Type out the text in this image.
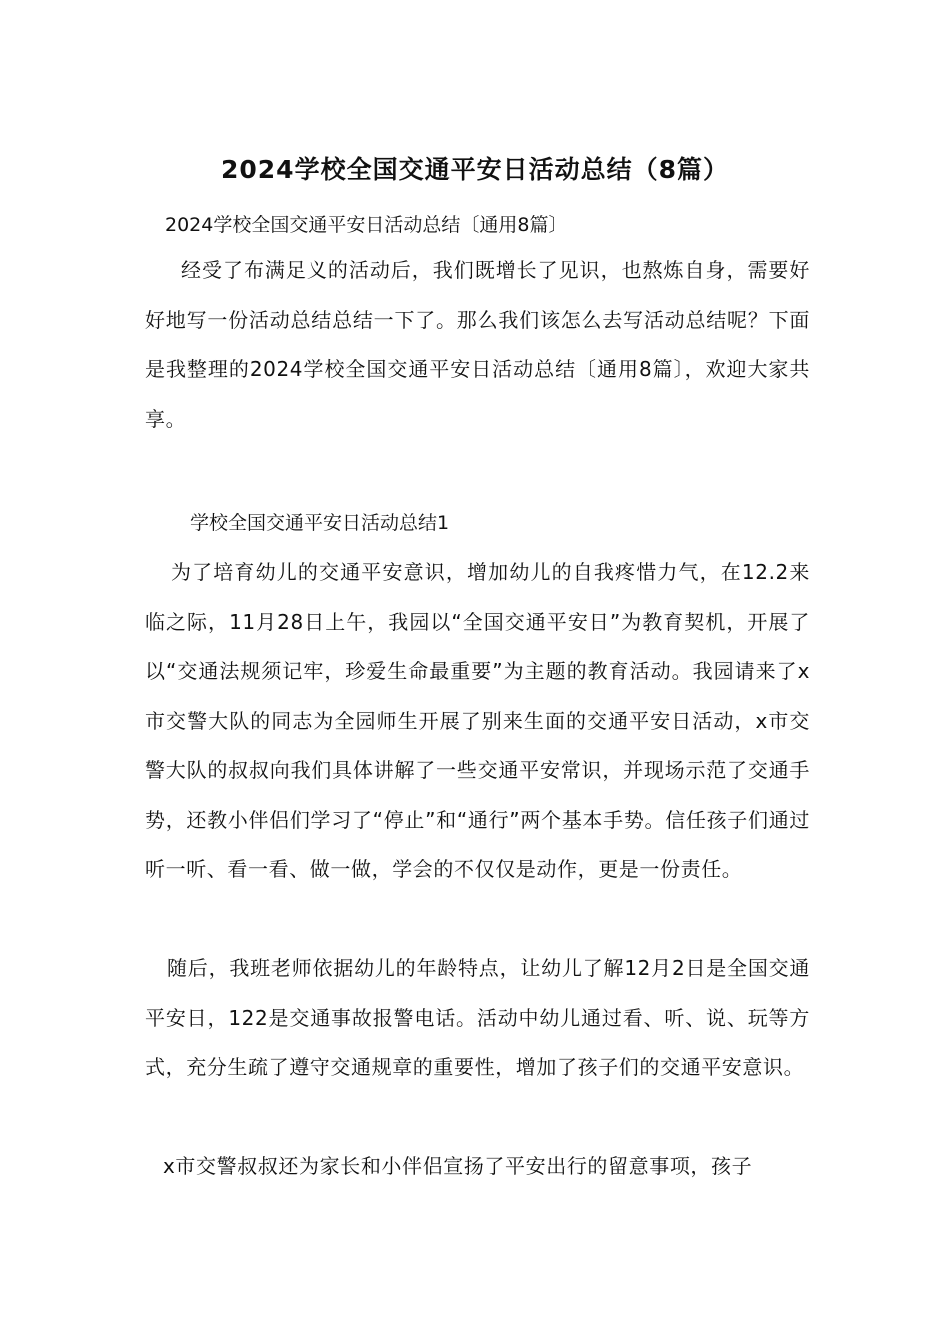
2024学校全国交通平安日活动总结（8篇）
2024学校全国交通平安日活动总结〔通用8篇〕

经受了布满足义的活动后，我们既增长了见识，也熬炼自身，需要好好地写一份活动总结总结一下了。那么我们该怎么去写活动总结呢？下面是我整理的2024学校全国交通平安日活动总结〔通用8篇〕，欢迎大家共享。

学校全国交通平安日活动总结1

为了培育幼儿的交通平安意识，增加幼儿的自我疼惜力气，在12.2来临之际，11月28日上午，我园以“全国交通平安日”为教育契机，开展了以“交通法规须记牢，珍爱生命最重要”为主题的教育活动。我园请来了x市交警大队的同志为全园师生开展了别来生面的交通平安日活动，x市交警大队的叔叔向我们具体讲解了一些交通平安常识，并现场示范了交通手势，还教小伴侣们学习了“停止”和“通行”两个基本手势。信任孩子们通过听一听、看一看、做一做，学会的不仅仅是动作，更是一份责任。

随后，我班老师依据幼儿的年龄特点，让幼儿了解12月2日是全国交通平安日，122是交通事故报警电话。活动中幼儿通过看、听、说、玩等方式，充分生疏了遵守交通规章的重要性，增加了孩子们的交通平安意识。

x市交警叔叔还为家长和小伴侣宣扬了平安出行的留意事项，孩子
